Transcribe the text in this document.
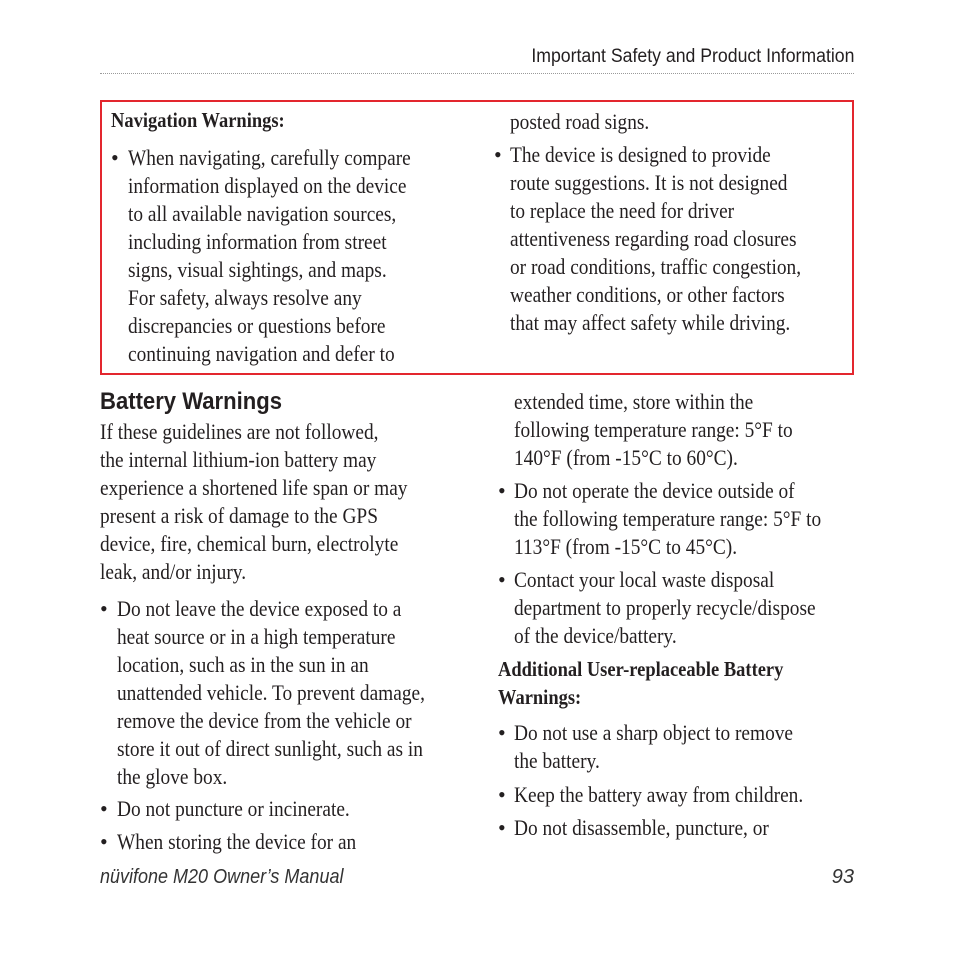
Important Safety and Product Information
Navigation Warnings:
• When navigating, carefully compare
information displayed on the device
to all available navigation sources,
including information from street
signs, visual sightings, and maps.
For safety, always resolve any
discrepancies or questions before
continuing navigation and defer to
posted road signs.
• The device is designed to provide
route suggestions. It is not designed
to replace the need for driver
attentiveness regarding road closures
or road conditions, traffic congestion,
weather conditions, or other factors
that may affect safety while driving.
Battery Warnings
If these guidelines are not followed,
the internal lithium-ion battery may
experience a shortened life span or may
present a risk of damage to the GPS
device, fire, chemical burn, electrolyte
leak, and/or injury.
• Do not leave the device exposed to a
heat source or in a high temperature
location, such as in the sun in an
unattended vehicle. To prevent damage,
remove the device from the vehicle or
store it out of direct sunlight, such as in
the glove box.
• Do not puncture or incinerate.
• When storing the device for an
extended time, store within the
following temperature range: 5°F to
140°F (from -15°C to 60°C).
• Do not operate the device outside of
the following temperature range: 5°F to
113°F (from -15°C to 45°C).
• Contact your local waste disposal
department to properly recycle/dispose
of the device/battery.
Additional User-replaceable Battery
Warnings:
• Do not use a sharp object to remove
the battery.
• Keep the battery away from children.
• Do not disassemble, puncture, or
nüvifone M20 Owner’s Manual	93
